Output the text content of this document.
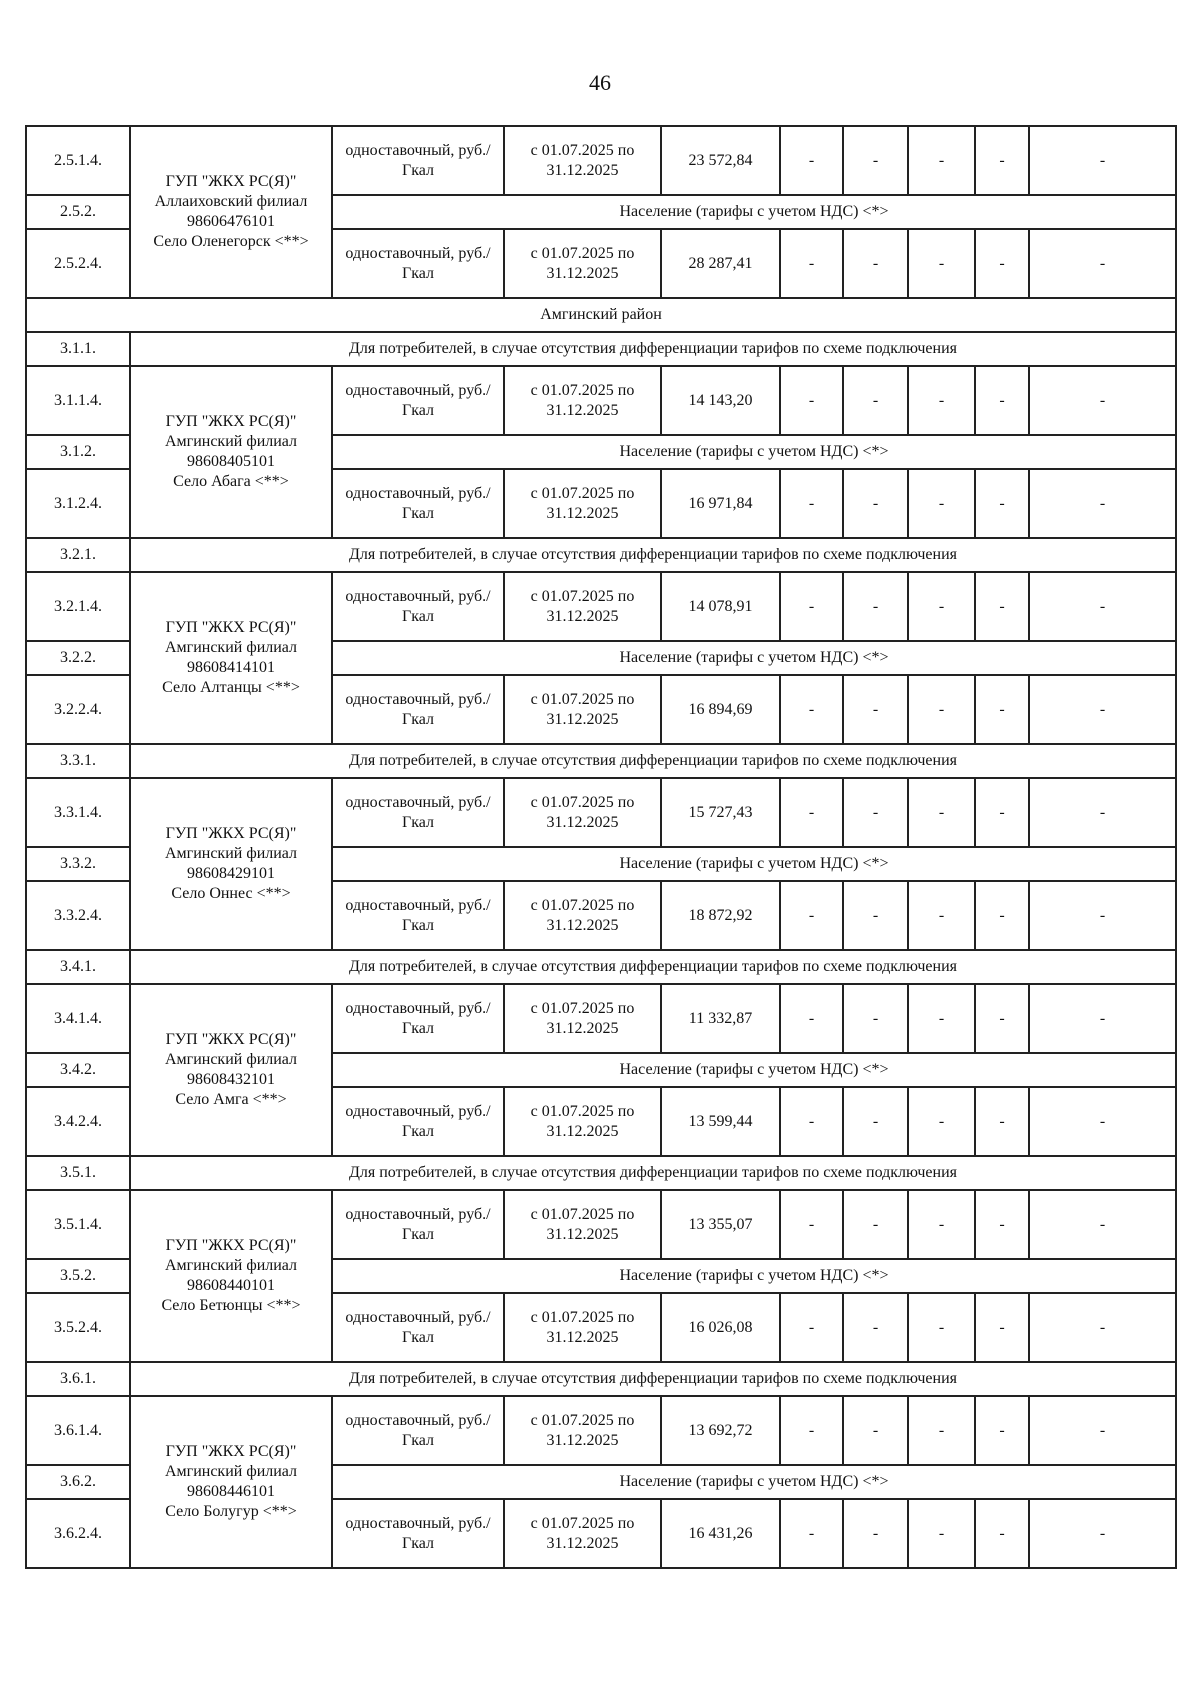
46
2.5.1.4.	ГУП "ЖКХ РС(Я)"
Аллаиховский филиал
98606476101
Село Оленегорск <**>	одноставочный, руб./Гкал	с 01.07.2025 по 31.12.2025	23 572,84	-	-	-	-	-
2.5.2.		Население (тарифы с учетом НДС) <*>							
2.5.2.4.		одноставочный, руб./Гкал	с 01.07.2025 по 31.12.2025	28 287,41	-	-	-	-	-
Амгинский район									
3.1.1.	Для потребителей, в случае отсутствия дифференциации тарифов по схеме подключения								
3.1.1.4.	ГУП "ЖКХ РС(Я)"
Амгинский филиал
98608405101
Село Абага <**>	одноставочный, руб./Гкал	с 01.07.2025 по 31.12.2025	14 143,20	-	-	-	-	-
3.1.2.		Население (тарифы с учетом НДС) <*>							
3.1.2.4.		одноставочный, руб./Гкал	с 01.07.2025 по 31.12.2025	16 971,84	-	-	-	-	-
3.2.1.	Для потребителей, в случае отсутствия дифференциации тарифов по схеме подключения								
3.2.1.4.	ГУП "ЖКХ РС(Я)"
Амгинский филиал
98608414101
Село Алтанцы <**>	одноставочный, руб./Гкал	с 01.07.2025 по 31.12.2025	14 078,91	-	-	-	-	-
3.2.2.		Население (тарифы с учетом НДС) <*>							
3.2.2.4.		одноставочный, руб./Гкал	с 01.07.2025 по 31.12.2025	16 894,69	-	-	-	-	-
3.3.1.	Для потребителей, в случае отсутствия дифференциации тарифов по схеме подключения								
3.3.1.4.	ГУП "ЖКХ РС(Я)"
Амгинский филиал
98608429101
Село Оннес <**>	одноставочный, руб./Гкал	с 01.07.2025 по 31.12.2025	15 727,43	-	-	-	-	-
3.3.2.		Население (тарифы с учетом НДС) <*>							
3.3.2.4.		одноставочный, руб./Гкал	с 01.07.2025 по 31.12.2025	18 872,92	-	-	-	-	-
3.4.1.	Для потребителей, в случае отсутствия дифференциации тарифов по схеме подключения								
3.4.1.4.	ГУП "ЖКХ РС(Я)"
Амгинский филиал
98608432101
Село Амга <**>	одноставочный, руб./Гкал	с 01.07.2025 по 31.12.2025	11 332,87	-	-	-	-	-
3.4.2.		Население (тарифы с учетом НДС) <*>							
3.4.2.4.		одноставочный, руб./Гкал	с 01.07.2025 по 31.12.2025	13 599,44	-	-	-	-	-
3.5.1.	Для потребителей, в случае отсутствия дифференциации тарифов по схеме подключения								
3.5.1.4.	ГУП "ЖКХ РС(Я)"
Амгинский филиал
98608440101
Село Бетюнцы <**>	одноставочный, руб./Гкал	с 01.07.2025 по 31.12.2025	13 355,07	-	-	-	-	-
3.5.2.		Население (тарифы с учетом НДС) <*>							
3.5.2.4.		одноставочный, руб./Гкал	с 01.07.2025 по 31.12.2025	16 026,08	-	-	-	-	-
3.6.1.	Для потребителей, в случае отсутствия дифференциации тарифов по схеме подключения								
3.6.1.4.	ГУП "ЖКХ РС(Я)"
Амгинский филиал
98608446101
Село Болугур <**>	одноставочный, руб./Гкал	с 01.07.2025 по 31.12.2025	13 692,72	-	-	-	-	-
3.6.2.		Население (тарифы с учетом НДС) <*>							
3.6.2.4.		одноставочный, руб./Гкал	с 01.07.2025 по 31.12.2025	16 431,26	-	-	-	-	-
